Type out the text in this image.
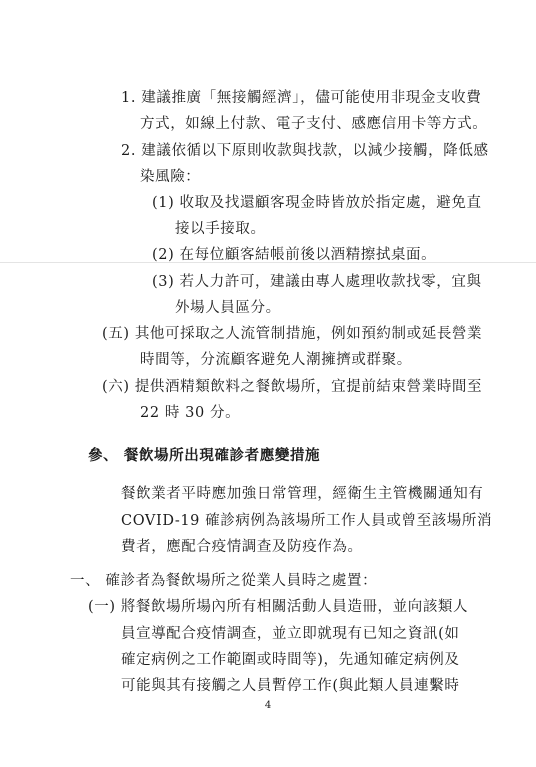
1. 建議推廣「無接觸經濟」，儘可能使用非現金支收費
方式，如線上付款、電子支付、感應信用卡等方式。
2. 建議依循以下原則收款與找款，以減少接觸，降低感
染風險：
(1) 收取及找還顧客現金時皆放於指定處，避免直
接以手接取。
(2) 在每位顧客結帳前後以酒精擦拭桌面。
(3) 若人力許可，建議由專人處理收款找零，宜與
外場人員區分。
(五) 其他可採取之人流管制措施，例如預約制或延長營業
時間等，分流顧客避免人潮擁擠或群聚。
(六) 提供酒精類飲料之餐飲場所，宜提前結束營業時間至
22 時 30 分。
參、 餐飲場所出現確診者應變措施
餐飲業者平時應加強日常管理，經衛生主管機關通知有
COVID-19 確診病例為該場所工作人員或曾至該場所消
費者，應配合疫情調查及防疫作為。
一、 確診者為餐飲場所之從業人員時之處置：
(一) 將餐飲場所場內所有相關活動人員造冊，並向該類人
員宣導配合疫情調查，並立即就現有已知之資訊(如
確定病例之工作範圍或時間等)，先通知確定病例及
可能與其有接觸之人員暫停工作(與此類人員連繫時
4
